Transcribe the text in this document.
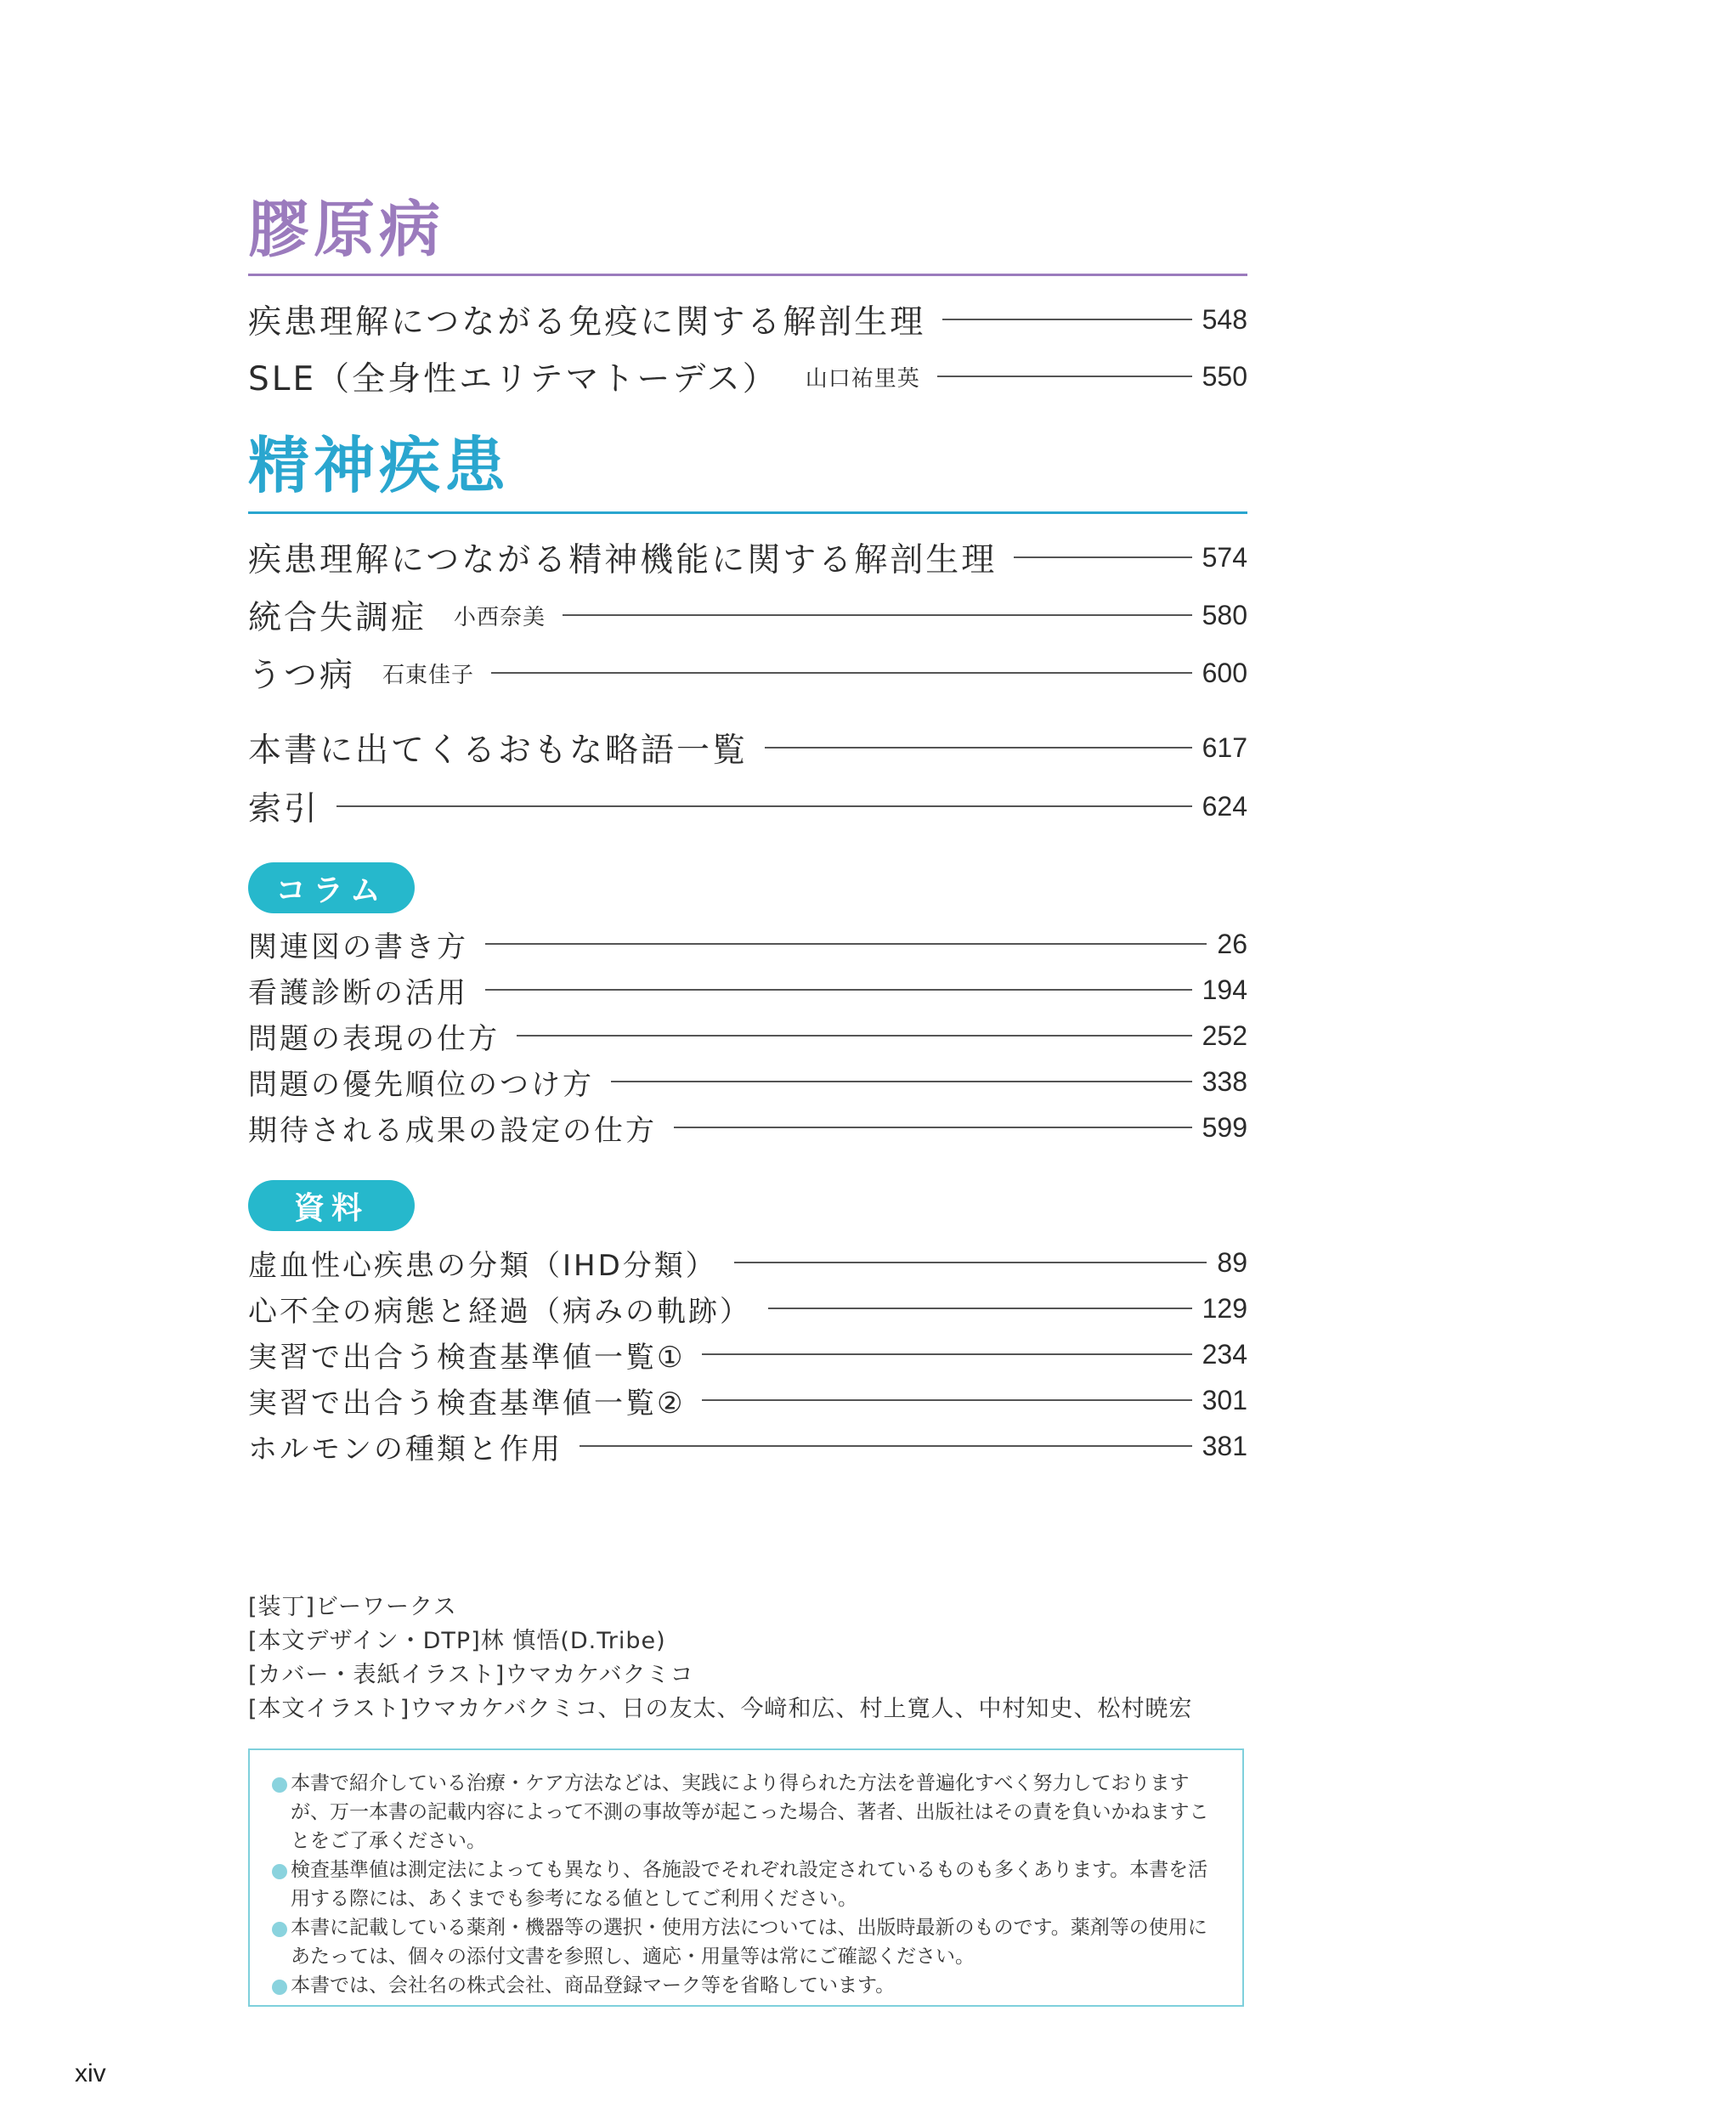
膠原病
疾患理解につながる免疫に関する解剖生理	548
SLE（全身性エリテマトーデス） 山口祐里英	550
精神疾患
疾患理解につながる精神機能に関する解剖生理	574
統合失調症 小西奈美	580
うつ病 石東佳子	600
本書に出てくるおもな略語一覧	617
索引	624
コラム
関連図の書き方	26
看護診断の活用	194
問題の表現の仕方	252
問題の優先順位のつけ方	338
期待される成果の設定の仕方	599
資料
虚血性心疾患の分類（IHD分類）	89
心不全の病態と経過（病みの軌跡）	129
実習で出合う検査基準値一覧①	234
実習で出合う検査基準値一覧②	301
ホルモンの種類と作用	381
[装丁]ビーワークス
[本文デザイン・DTP]林 慎悟(D.Tribe)
[カバー・表紙イラスト]ウマカケバクミコ
[本文イラスト]ウマカケバクミコ、日の友太、今﨑和広、村上寛人、中村知史、松村暁宏
本書で紹介している治療・ケア方法などは、実践により得られた方法を普遍化すべく努力しておりますが、万一本書の記載内容によって不測の事故等が起こった場合、著者、出版社はその責を負いかねますことをご了承ください。
検査基準値は測定法によっても異なり、各施設でそれぞれ設定されているものも多くあります。本書を活用する際には、あくまでも参考になる値としてご利用ください。
本書に記載している薬剤・機器等の選択・使用方法については、出版時最新のものです。薬剤等の使用にあたっては、個々の添付文書を参照し、適応・用量等は常にご確認ください。
本書では、会社名の株式会社、商品登録マーク等を省略しています。
xiv
